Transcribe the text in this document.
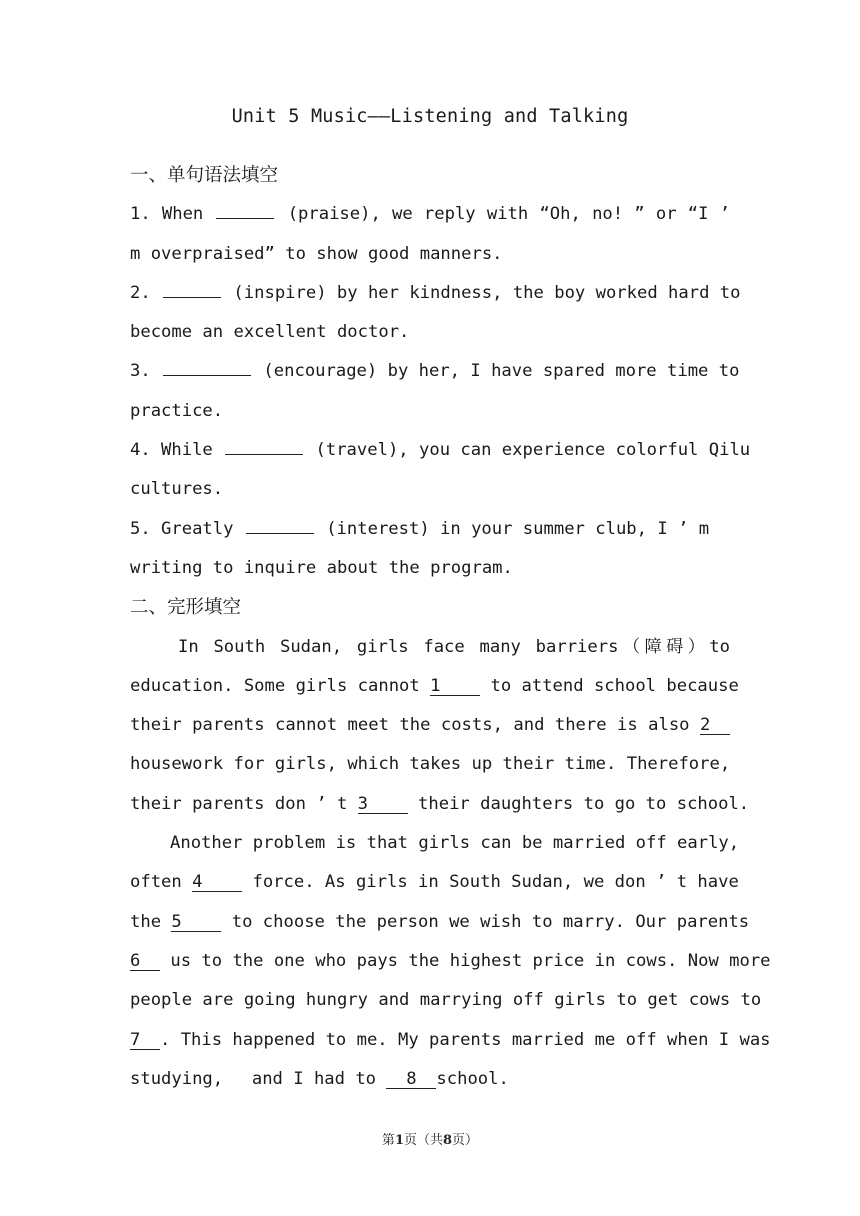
Unit 5 Music——Listening and Talking
一、单句语法填空
1. When	(praise), we reply with “Oh, no! ” or “I ’
m overpraised” to show good manners.
2.	(inspire) by her kindness, the boy worked hard to
become an excellent doctor.
3.	(encourage) by her, I have spared more time to
practice.
4. While	(travel), you can experience colorful Qilu
cultures.
5. Greatly	(interest) in your summer club, I ’ m
writing to inquire about the program.
二、完形填空
In South Sudan, girls face many barriers（障碍）to
education. Some girls cannot 1	to attend school because
their parents cannot meet the costs, and there is also 2
housework for girls, which takes up their time. Therefore,
their parents don ’ t 3	their daughters to go to school.
Another problem is that girls can be married off early,
often 4	force. As girls in South Sudan, we don ’ t have
the 5	to choose the person we wish to marry. Our parents
6 us to the one who pays the highest price in cows. Now more
people are going hungry and marrying off girls to get cows to
7 . This happened to me. My parents married me off when I was
studying, and I had to 8 school.
第1页（共8页）
